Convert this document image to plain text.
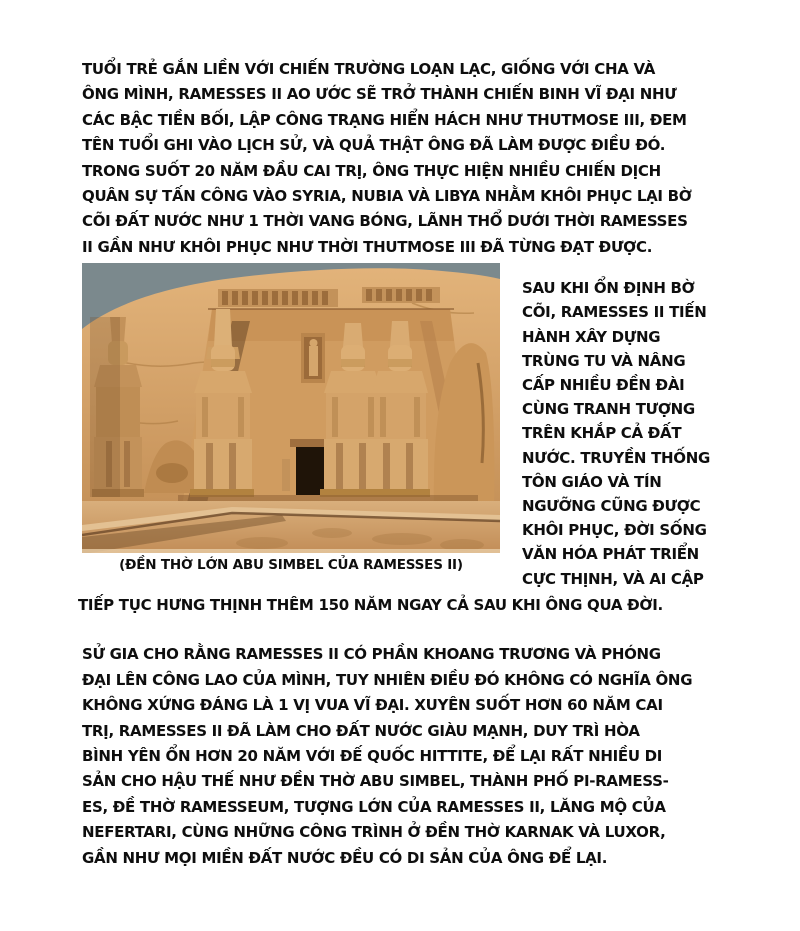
TUỔI TRẺ GẮN LIỀN VỚI CHIẾN TRƯỜNG LOẠN LẠC, GIỐNG VỚI CHA VÀ
ÔNG MÌNH, RAMESSES II AO ƯỚC SẼ TRỞ THÀNH CHIẾN BINH VĨ ĐẠI NHƯ
CÁC BẬC TIỀN BỐI, LẬP CÔNG TRẠNG HIỂN HÁCH NHƯ THUTMOSE III, ĐEM
TÊN TUỔI GHI VÀO LỊCH SỬ, VÀ QUẢ THẬT ÔNG ĐÃ LÀM ĐƯỢC ĐIỀU ĐÓ.
TRONG SUỐT 20 NĂM ĐẦU CAI TRỊ, ÔNG THỰC HIỆN NHIỀU CHIẾN DỊCH
QUÂN SỰ TẤN CÔNG VÀO SYRIA, NUBIA VÀ LIBYA NHẰM KHÔI PHỤC LẠI BỜ
CÕI ĐẤT NƯỚC NHƯ 1 THỜI VANG BÓNG, LÃNH THỔ DƯỚI THỜI RAMESSES
II GẦN NHƯ KHÔI PHỤC NHƯ THỜI THUTMOSE III ĐÃ TỪNG ĐẠT ĐƯỢC.
(ĐỀN THỜ LỚN ABU SIMBEL CỦA RAMESSES II)
SAU KHI ỔN ĐỊNH BỜ
CÕI, RAMESSES II TIẾN
HÀNH XÂY DỰNG
TRÙNG TU VÀ NÂNG
CẤP NHIỀU ĐỀN ĐÀI
CÙNG TRANH TƯỢNG
TRÊN KHẮP CẢ ĐẤT
NƯỚC. TRUYỀN THỐNG
TÔN GIÁO VÀ TÍN
NGƯỠNG CŨNG ĐƯỢC
KHÔI PHỤC, ĐỜI SỐNG
VĂN HÓA PHÁT TRIỂN
CỰC THỊNH, VÀ AI CẬP
TIẾP TỤC HƯNG THỊNH THÊM 150 NĂM NGAY CẢ SAU KHI ÔNG QUA ĐỜI.
SỬ GIA CHO RẰNG RAMESSES II CÓ PHẦN KHOANG TRƯƠNG VÀ PHÓNG
ĐẠI LÊN CÔNG LAO CỦA MÌNH, TUY NHIÊN ĐIỀU ĐÓ KHÔNG CÓ NGHĨA ÔNG
KHÔNG XỨNG ĐÁNG LÀ 1 VỊ VUA VĨ ĐẠI. XUYÊN SUỐT HƠN 60 NĂM CAI
TRỊ, RAMESSES II ĐÃ LÀM CHO ĐẤT NƯỚC GIÀU MẠNH, DUY TRÌ HÒA
BÌNH YÊN ỔN HƠN 20 NĂM VỚI ĐẾ QUỐC HITTITE, ĐỂ LẠI RẤT NHIỀU DI
SẢN CHO HẬU THẾ NHƯ ĐỀN THỜ ABU SIMBEL, THÀNH PHỐ PI-RAMESS-
ES, ĐỀ THỜ RAMESSEUM, TƯỢNG LỚN CỦA RAMESSES II, LĂNG MỘ CỦA
NEFERTARI, CÙNG NHỮNG CÔNG TRÌNH Ở ĐỀN THỜ KARNAK VÀ LUXOR,
GẦN NHƯ MỌI MIỀN ĐẤT NƯỚC ĐỀU CÓ DI SẢN CỦA ÔNG ĐỂ LẠI.
